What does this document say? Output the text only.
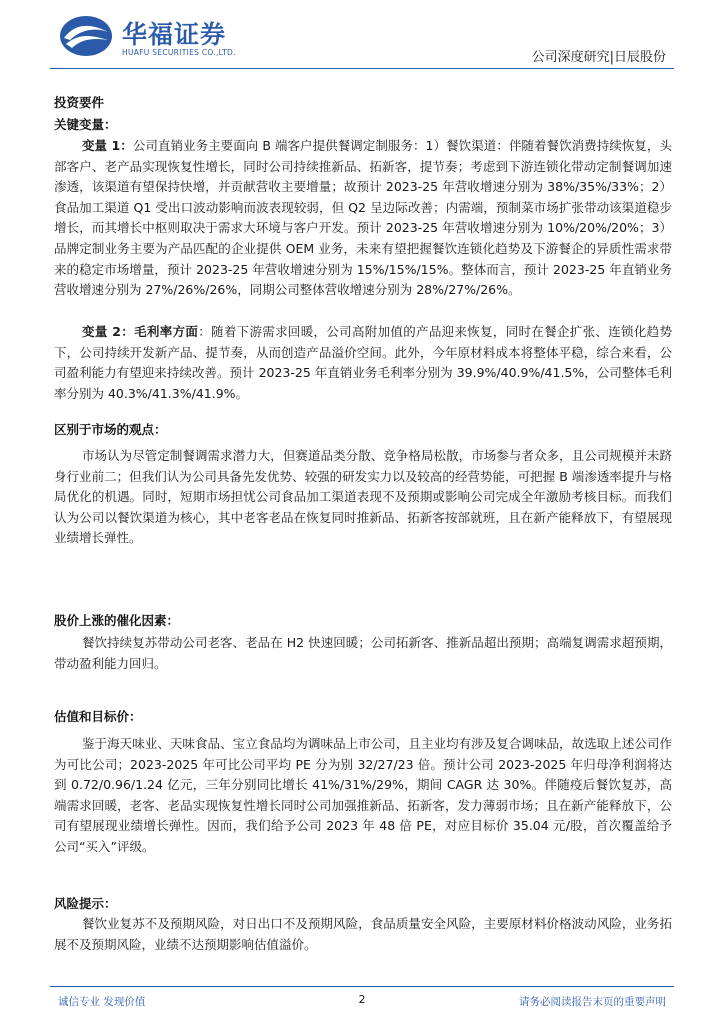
华福证券
HUAFU SECURITIES CO.,LTD.	公司深度研究|日辰股份
投资要件
关键变量：
变量 1：公司直销业务主要面向 B 端客户提供餐调定制服务：1）餐饮渠道：伴随着餐饮消费持续恢复，头部客户、老产品实现恢复性增长，同时公司持续推新品、拓新客，提节奏；考虑到下游连锁化带动定制餐调加速渗透，该渠道有望保持快增，并贡献营收主要增量；故预计 2023-25 年营收增速分别为 38%/35%/33%；2）食品加工渠道 Q1 受出口波动影响而波表现较弱，但 Q2 呈边际改善；内需端，预制菜市场扩张带动该渠道稳步增长，而其增长中枢则取决于需求大环境与客户开发。预计 2023-25 年营收增速分别为 10%/20%/20%；3）品牌定制业务主要为产品匹配的企业提供 OEM 业务，未来有望把握餐饮连锁化趋势及下游餐企的异质性需求带来的稳定市场增量，预计 2023-25 年营收增速分别为 15%/15%/15%。整体而言，预计 2023-25 年直销业务营收增速分别为 27%/26%/26%，同期公司整体营收增速分别为 28%/27%/26%。
变量 2：毛利率方面：随着下游需求回暖，公司高附加值的产品迎来恢复，同时在餐企扩张、连锁化趋势下，公司持续开发新产品、提节奏，从而创造产品溢价空间。此外，今年原材料成本将整体平稳，综合来看，公司盈利能力有望迎来持续改善。预计 2023-25 年直销业务毛利率分别为 39.9%/40.9%/41.5%，公司整体毛利率分别为 40.3%/41.3%/41.9%。
区别于市场的观点：
市场认为尽管定制餐调需求潜力大，但赛道品类分散、竞争格局松散，市场参与者众多，且公司规模并未跻身行业前二；但我们认为公司具备先发优势、较强的研发实力以及较高的经营势能，可把握 B 端渗透率提升与格局优化的机遇。同时，短期市场担忧公司食品加工渠道表现不及预期或影响公司完成全年激励考核目标。而我们认为公司以餐饮渠道为核心，其中老客老品在恢复同时推新品、拓新客按部就班，且在新产能释放下，有望展现业绩增长弹性。
股价上涨的催化因素：
餐饮持续复苏带动公司老客、老品在 H2 快速回暖；公司拓新客、推新品超出预期；高端复调需求超预期，带动盈利能力回归。
估值和目标价：
鉴于海天味业、天味食品、宝立食品均为调味品上市公司，且主业均有涉及复合调味品，故选取上述公司作为可比公司；2023-2025 年可比公司平均 PE 分为别 32/27/23 倍。预计公司 2023-2025 年归母净利润将达到 0.72/0.96/1.24 亿元，三年分别同比增长 41%/31%/29%，期间 CAGR 达 30%。伴随疫后餐饮复苏，高端需求回暖，老客、老品实现恢复性增长同时公司加强推新品、拓新客，发力薄弱市场；且在新产能释放下，公司有望展现业绩增长弹性。因而，我们给予公司 2023 年 48 倍 PE，对应目标价 35.04 元/股，首次覆盖给予公司“买入”评级。
风险提示：
餐饮业复苏不及预期风险，对日出口不及预期风险，食品质量安全风险，主要原材料价格波动风险，业务拓展不及预期风险，业绩不达预期影响估值溢价。
诚信专业 发现价值	2	请务必阅读报告末页的重要声明
